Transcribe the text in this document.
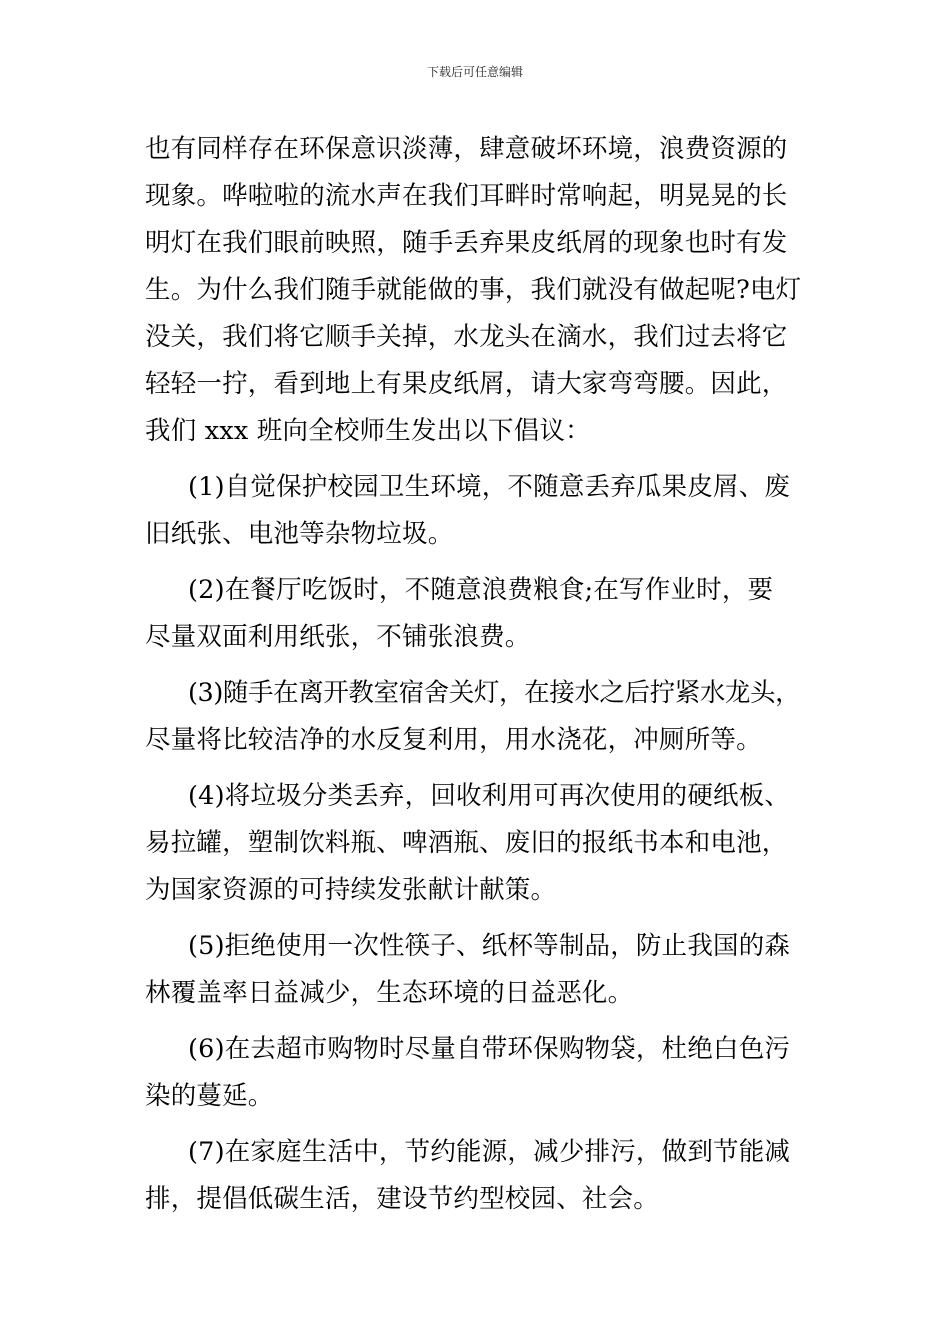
下载后可任意编辑
也有同样存在环保意识淡薄，肆意破坏环境，浪费资源的
现象。哗啦啦的流水声在我们耳畔时常响起，明晃晃的长
明灯在我们眼前映照，随手丢弃果皮纸屑的现象也时有发
生。为什么我们随手就能做的事，我们就没有做起呢?电灯
没关，我们将它顺手关掉，水龙头在滴水，我们过去将它
轻轻一拧，看到地上有果皮纸屑，请大家弯弯腰。因此，
我们 xxx 班向全校师生发出以下倡议：
(1)自觉保护校园卫生环境，不随意丢弃瓜果皮屑、废
旧纸张、电池等杂物垃圾。
(2)在餐厅吃饭时，不随意浪费粮食;在写作业时，要
尽量双面利用纸张，不铺张浪费。
(3)随手在离开教室宿舍关灯，在接水之后拧紧水龙头，
尽量将比较洁净的水反复利用，用水浇花，冲厕所等。
(4)将垃圾分类丢弃，回收利用可再次使用的硬纸板、
易拉罐，塑制饮料瓶、啤酒瓶、废旧的报纸书本和电池，
为国家资源的可持续发张献计献策。
(5)拒绝使用一次性筷子、纸杯等制品，防止我国的森
林覆盖率日益减少，生态环境的日益恶化。
(6)在去超市购物时尽量自带环保购物袋，杜绝白色污
染的蔓延。
(7)在家庭生活中，节约能源，减少排污，做到节能减
排，提倡低碳生活，建设节约型校园、社会。
